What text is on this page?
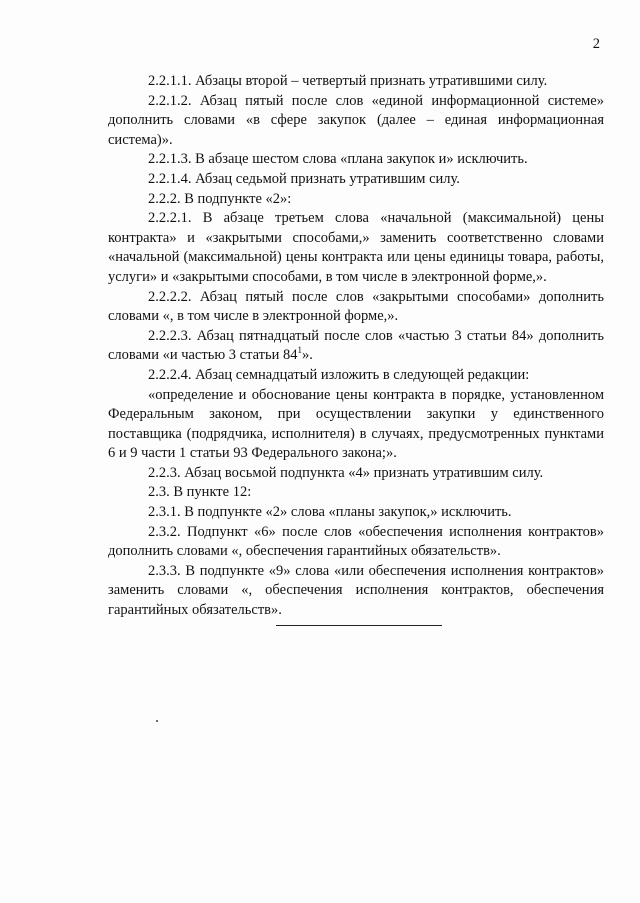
2

2.2.1.1. Абзацы второй – четвертый признать утратившими силу.

2.2.1.2. Абзац пятый после слов «единой информационной системе» дополнить словами «в сфере закупок (далее – единая информационная система)».

2.2.1.3. В абзаце шестом слова «плана закупок и» исключить.

2.2.1.4. Абзац седьмой признать утратившим силу.

2.2.2. В подпункте «2»:

2.2.2.1. В абзаце третьем слова «начальной (максимальной) цены контракта» и «закрытыми способами,» заменить соответственно словами «начальной (максимальной) цены контракта или цены единицы товара, работы, услуги» и «закрытыми способами, в том числе в электронной форме,».

2.2.2.2. Абзац пятый после слов «закрытыми способами» дополнить словами «, в том числе в электронной форме,».

2.2.2.3. Абзац пятнадцатый после слов «частью 3 статьи 84» дополнить словами «и частью 3 статьи $84^1$».

2.2.2.4. Абзац семнадцатый изложить в следующей редакции:

«определение и обоснование цены контракта в порядке, установленном Федеральным законом, при осуществлении закупки у единственного поставщика (подрядчика, исполнителя) в случаях, предусмотренных пунктами 6 и 9 части 1 статьи 93 Федерального закона;».

2.2.3. Абзац восьмой подпункта «4» признать утратившим силу.

2.3. В пункте 12:

2.3.1. В подпункте «2» слова «планы закупок,» исключить.

2.3.2. Подпункт «6» после слов «обеспечения исполнения контрактов» дополнить словами «, обеспечения гарантийных обязательств».

2.3.3. В подпункте «9» слова «или обеспечения исполнения контрактов» заменить словами «, обеспечения исполнения контрактов, обеспечения гарантийных обязательств».
